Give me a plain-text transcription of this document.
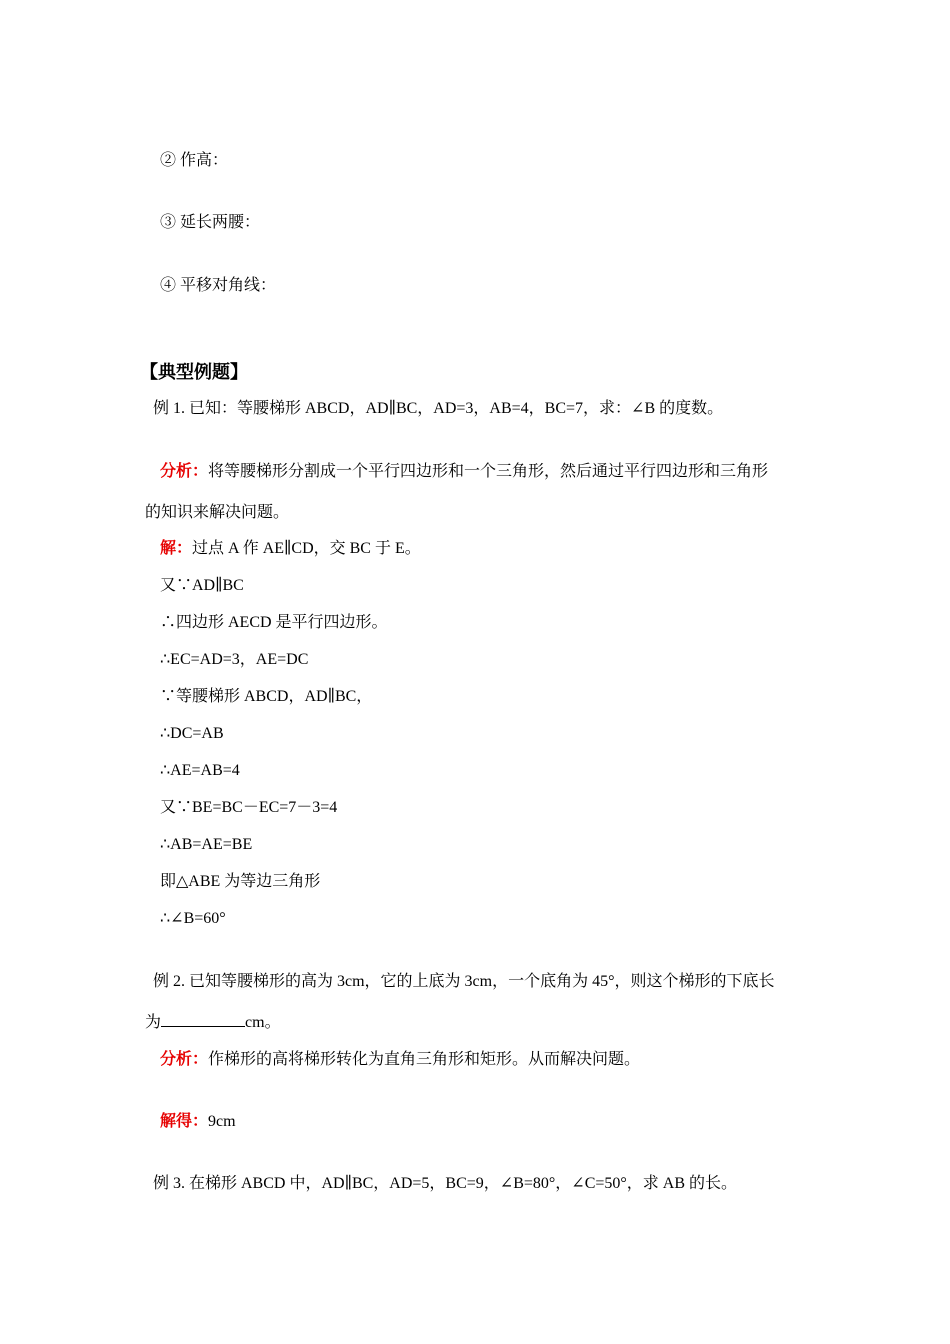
② 作高：
③ 延长两腰：
④ 平移对角线：
【典型例题】
例 1. 已知：等腰梯形 ABCD，AD∥BC，AD=3，AB=4，BC=7，求：∠B 的度数。
分析：将等腰梯形分割成一个平行四边形和一个三角形，然后通过平行四边形和三角形
的知识来解决问题。
解：过点 A 作 AE∥CD，交 BC 于 E。
又∵AD∥BC
∴四边形 AECD 是平行四边形。
∴EC=AD=3，AE=DC
∵等腰梯形 ABCD，AD∥BC，
∴DC=AB
∴AE=AB=4
又∵BE=BC－EC=7－3=4
∴AB=AE=BE
即△ABE 为等边三角形
∴∠B=60°
例 2. 已知等腰梯形的高为 3cm，它的上底为 3cm，一个底角为 45°，则这个梯形的下底长
为	cm。
分析：作梯形的高将梯形转化为直角三角形和矩形。从而解决问题。
解得：9cm
例 3. 在梯形 ABCD 中，AD∥BC，AD=5，BC=9，∠B=80°，∠C=50°，求 AB 的长。
